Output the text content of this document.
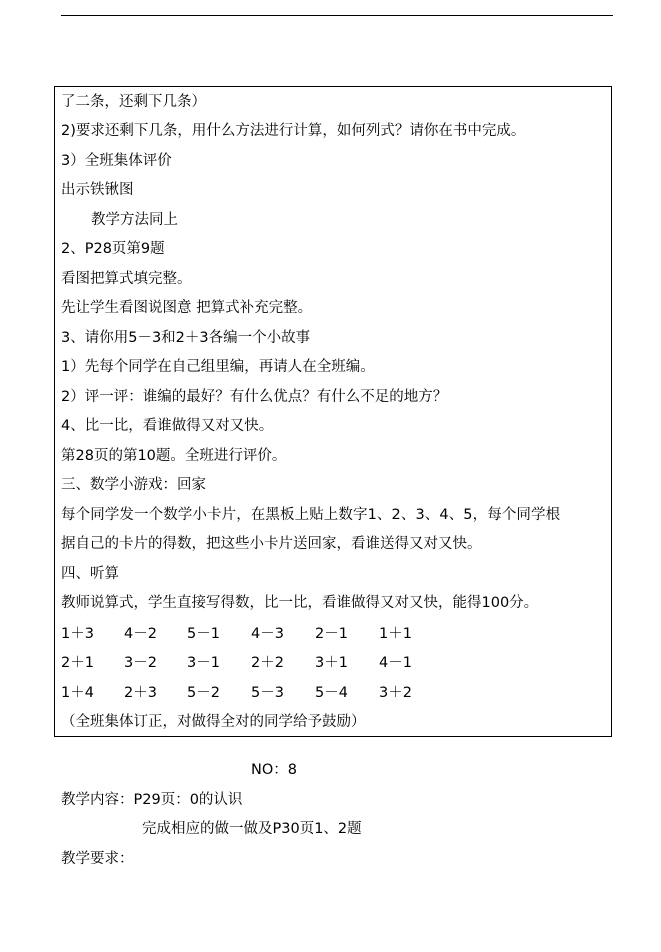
了二条，还剩下几条）
2)要求还剩下几条，用什么方法进行计算，如何列式？请你在书中完成。
3）全班集体评价
出示铁锹图
教学方法同上
2、P28页第9题
看图把算式填完整。
先让学生看图说图意 把算式补充完整。
3、请你用5－3和2＋3各编一个小故事
1）先每个同学在自己组里编，再请人在全班编。
2）评一评：谁编的最好？有什么优点？有什么不足的地方？
4、比一比，看谁做得又对又快。
第28页的第10题。全班进行评价。
三、数学小游戏：回家
每个同学发一个数学小卡片，在黑板上贴上数字1、2、3、4、5，每个同学根
据自己的卡片的得数，把这些小卡片送回家，看谁送得又对又快。
四、听算
教师说算式，学生直接写得数，比一比，看谁做得又对又快，能得100分。
1＋3 4－2 5－1 4－3 2－1 1＋1
2＋1 3－2 3－1 2＋2 3＋1 4－1
1＋4 2＋3 5－2 5－3 5－4 3＋2
（全班集体订正，对做得全对的同学给予鼓励）
NO：8
教学内容：P29页：0的认识
完成相应的做一做及P30页1、2题
教学要求：
